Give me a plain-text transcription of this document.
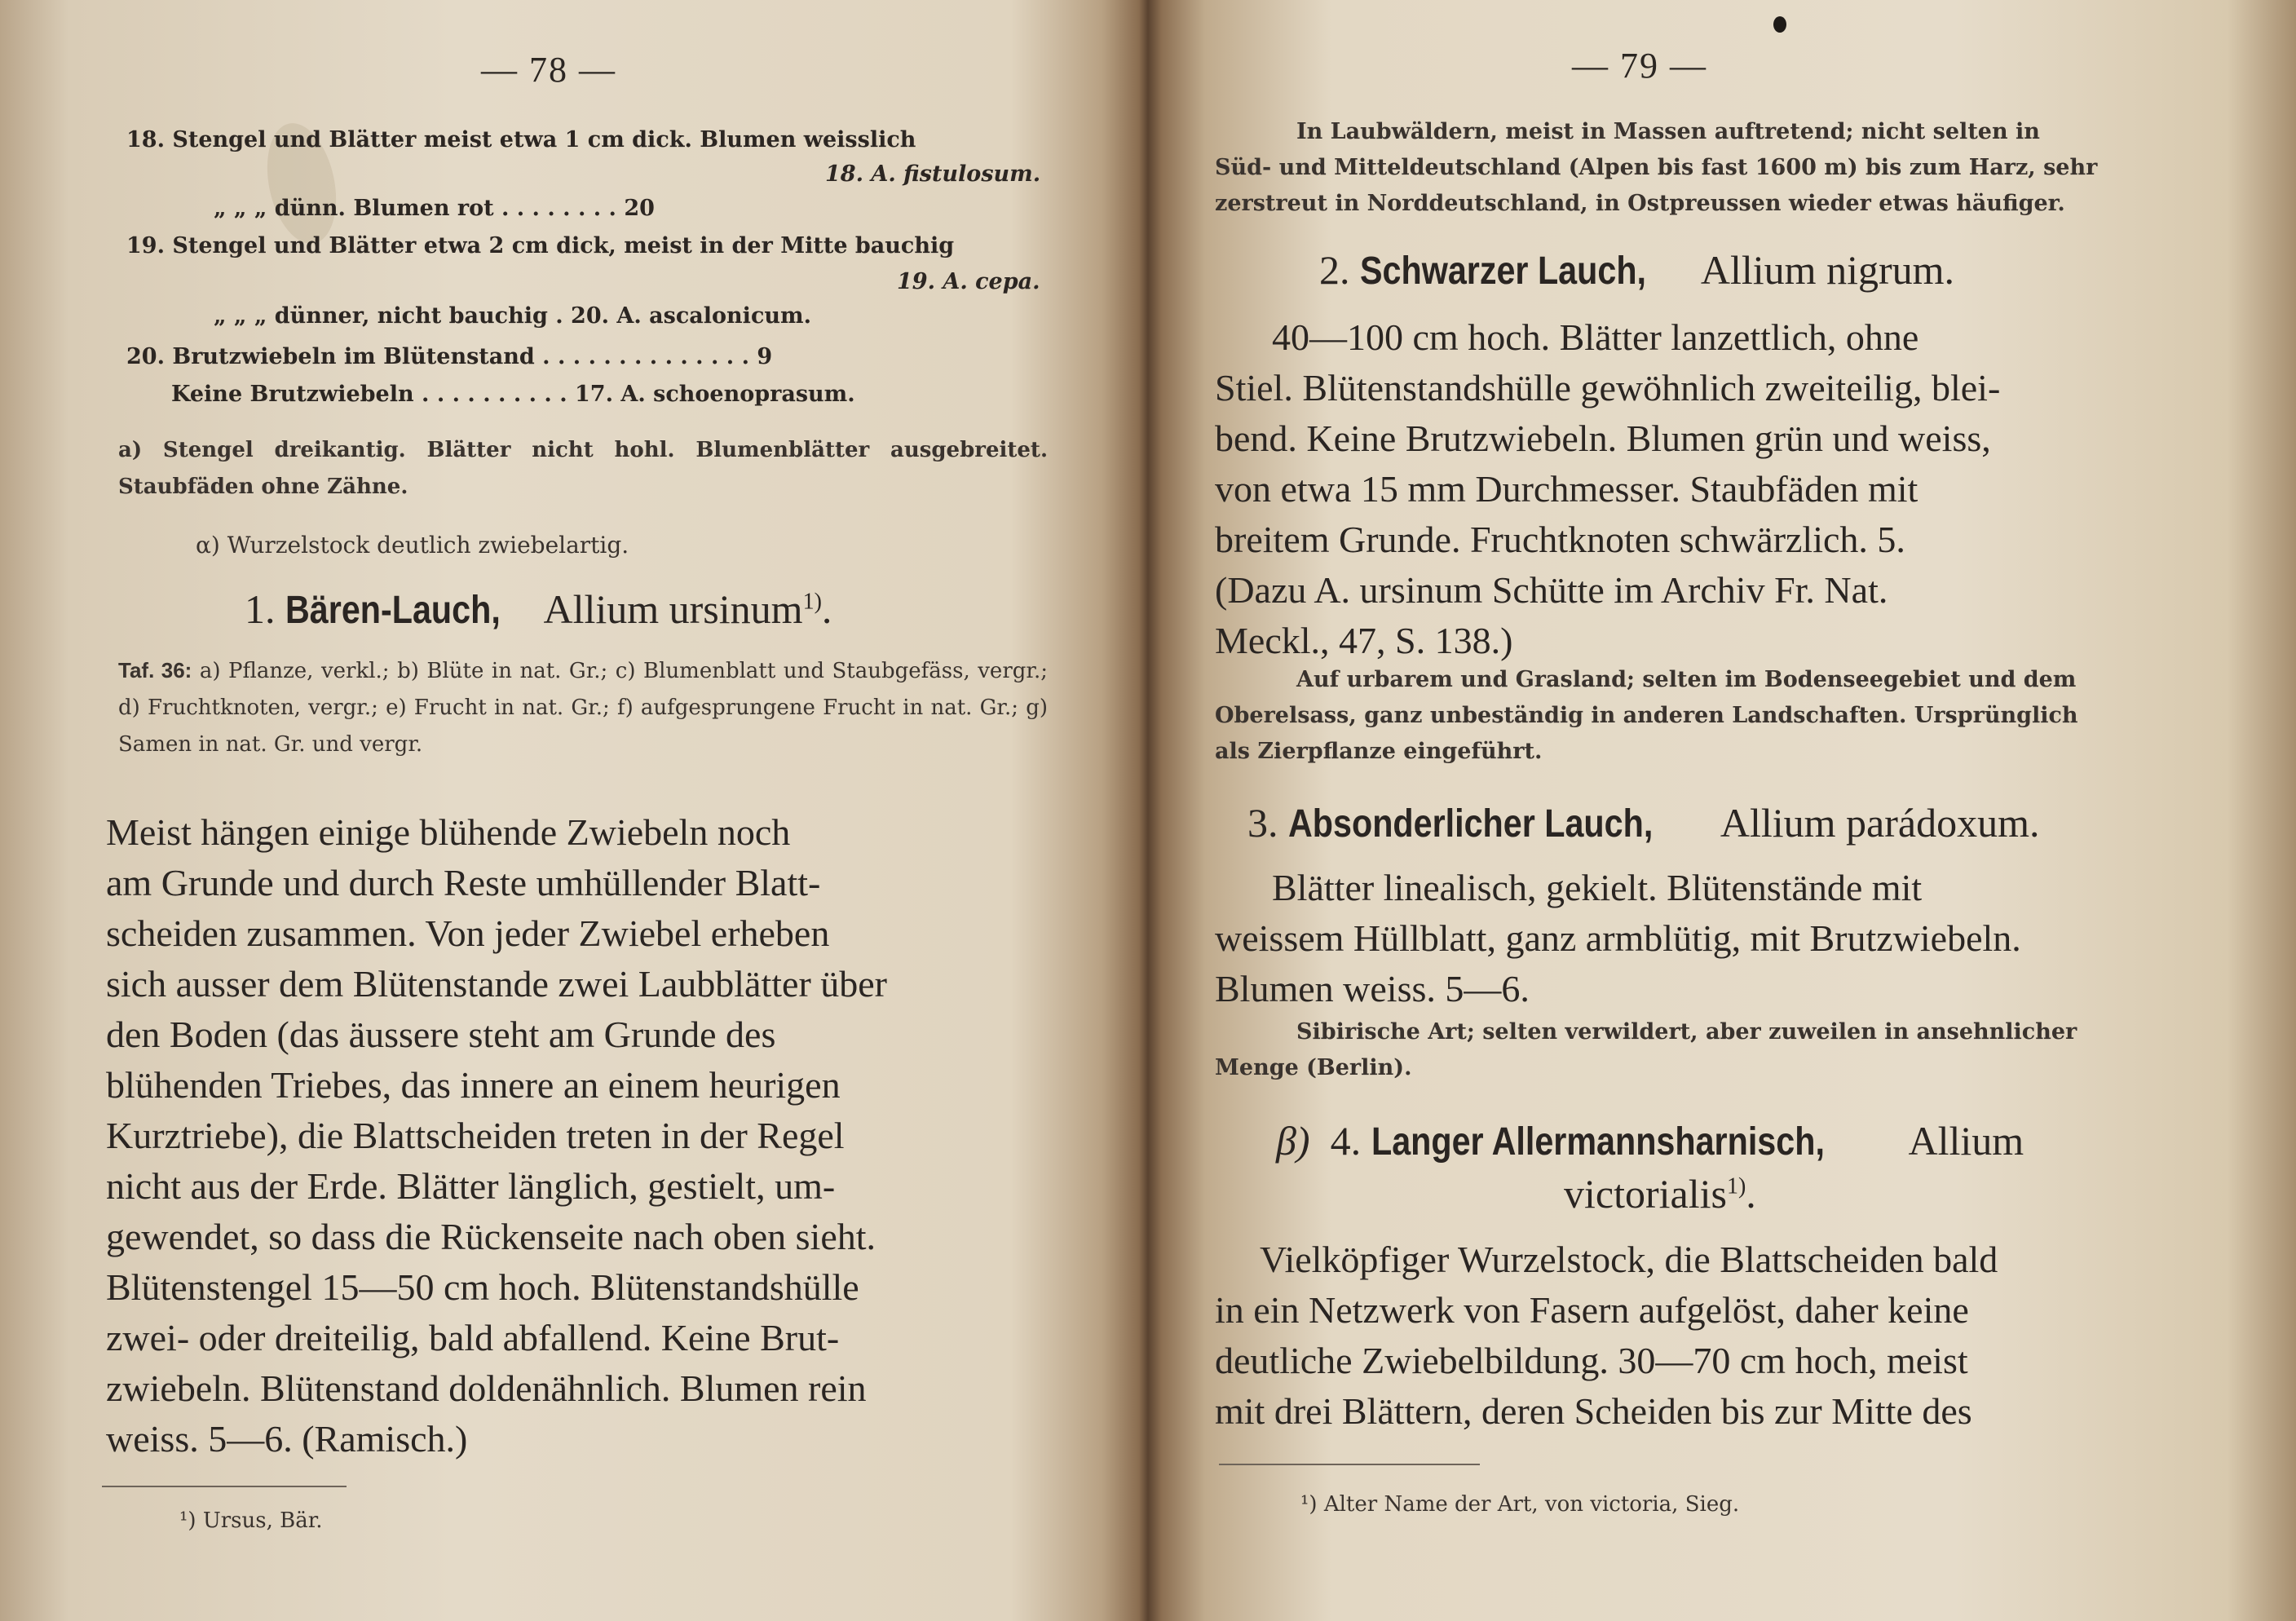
— 78 —
18. Stengel und Blätter meist etwa 1 cm dick. Blumen weisslich
18. A. fistulosum.
„ „ „ dünn. Blumen rot . . . . . . . . 20
19. Stengel und Blätter etwa 2 cm dick, meist in der Mitte bauchig
19. A. cepa.
„ „ „ dünner, nicht bauchig . 20. A. ascalonicum.
20. Brutzwiebeln im Blütenstand . . . . . . . . . . . . . . 9
Keine Brutzwiebeln . . . . . . . . . . 17. A. schoenoprasum.
a) Stengel dreikantig. Blätter nicht hohl. Blumenblätter ausgebreitet. Staubfäden ohne Zähne.
α) Wurzelstock deutlich zwiebelartig.
1. Bären-Lauch, Allium ursinum$^{1)}$.
Taf. 36: a) Pflanze, verkl.; b) Blüte in nat. Gr.; c) Blumenblatt und Staubgefäss, vergr.; d) Fruchtknoten, vergr.; e) Frucht in nat. Gr.; f) aufgesprungene Frucht in nat. Gr.; g) Samen in nat. Gr. und vergr.

Meist hängen einige blühende Zwiebeln noch

am Grunde und durch Reste umhüllender Blatt-

scheiden zusammen. Von jeder Zwiebel erheben

sich ausser dem Blütenstande zwei Laubblätter über

den Boden (das äussere steht am Grunde des

blühenden Triebes, das innere an einem heurigen

Kurztriebe), die Blattscheiden treten in der Regel

nicht aus der Erde. Blätter länglich, gestielt, um-

gewendet, so dass die Rückenseite nach oben sieht.

Blütenstengel 15—50 cm hoch. Blütenstandshülle

zwei- oder dreiteilig, bald abfallend. Keine Brut-

zwiebeln. Blütenstand doldenähnlich. Blumen rein

weiss. 5—6. (Ramisch.)

¹) Ursus, Bär.
— 79 —
In Laubwäldern, meist in Massen auftretend; nicht selten in
Süd- und Mitteldeutschland (Alpen bis fast 1600 m) bis zum Harz, sehr
zerstreut in Norddeutschland, in Ostpreussen wieder etwas häufiger.
2. Schwarzer Lauch, Allium nigrum.

40—100 cm hoch. Blätter lanzettlich, ohne

Stiel. Blütenstandshülle gewöhnlich zweiteilig, blei-

bend. Keine Brutzwiebeln. Blumen grün und weiss,

von etwa 15 mm Durchmesser. Staubfäden mit

breitem Grunde. Fruchtknoten schwärzlich. 5.

(Dazu A. ursinum Schütte im Archiv Fr. Nat.

Meckl., 47, S. 138.)

Auf urbarem und Grasland; selten im Bodenseegebiet und dem
Oberelsass, ganz unbeständig in anderen Landschaften. Ursprünglich
als Zierpflanze eingeführt.
3. Absonderlicher Lauch, Allium parádoxum.

Blätter linealisch, gekielt. Blütenstände mit

weissem Hüllblatt, ganz armblütig, mit Brutzwiebeln.

Blumen weiss. 5—6.

Sibirische Art; selten verwildert, aber zuweilen in ansehnlicher
Menge (Berlin).
β) 4. Langer Allermannsharnisch, Allium
victorialis$^{1)}$.

Vielköpfiger Wurzelstock, die Blattscheiden bald

in ein Netzwerk von Fasern aufgelöst, daher keine

deutliche Zwiebelbildung. 30—70 cm hoch, meist

mit drei Blättern, deren Scheiden bis zur Mitte des

¹) Alter Name der Art, von victoria, Sieg.
